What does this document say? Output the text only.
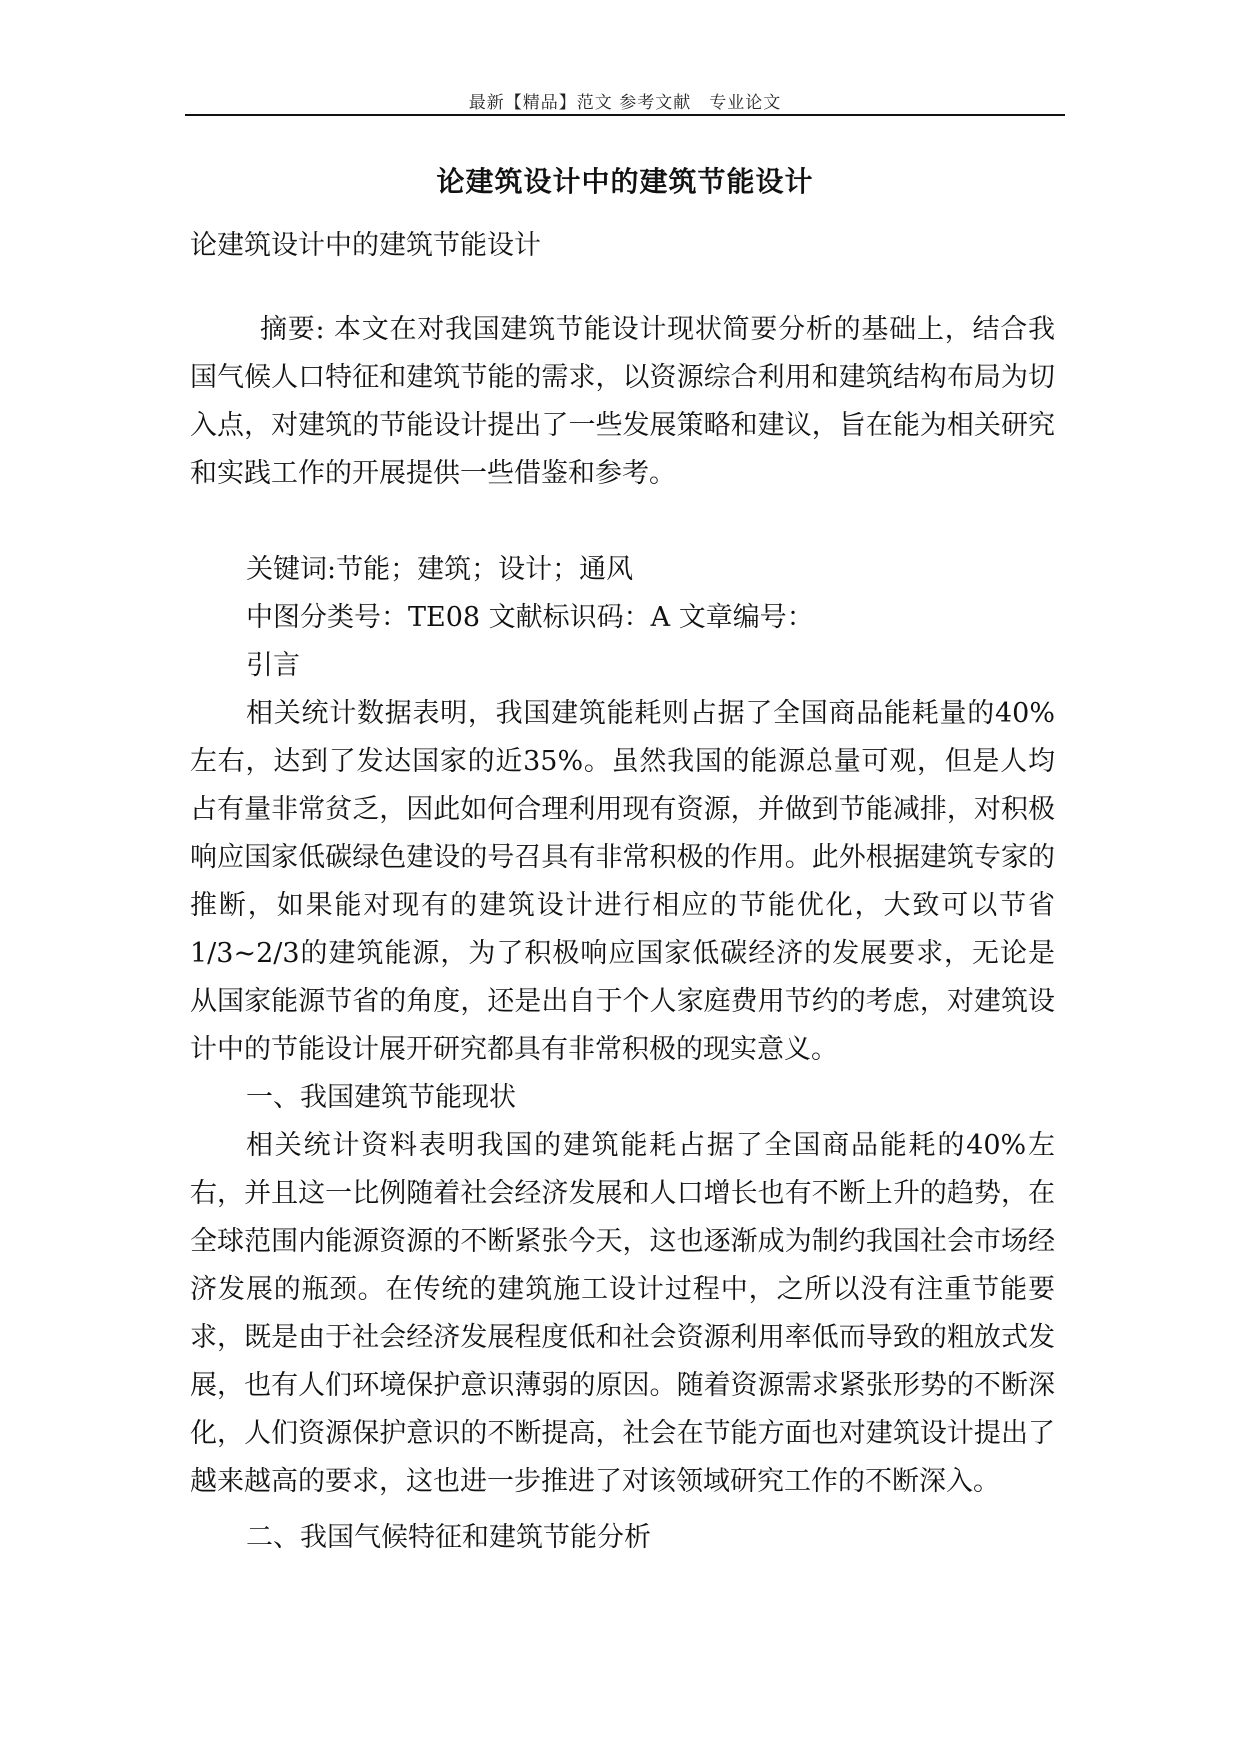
最新【精品】范文 参考文献　专业论文
论建筑设计中的建筑节能设计

论建筑设计中的建筑节能设计

摘要: 本文在对我国建筑节能设计现状简要分析的基础上，结合我国气候人口特征和建筑节能的需求，以资源综合利用和建筑结构布局为切入点，对建筑的节能设计提出了一些发展策略和建议，旨在能为相关研究和实践工作的开展提供一些借鉴和参考。

关键词:节能；建筑；设计；通风

中图分类号：TE08 文献标识码：A 文章编号：

引言

相关统计数据表明，我国建筑能耗则占据了全国商品能耗量的40%左右，达到了发达国家的近35%。虽然我国的能源总量可观，但是人均占有量非常贫乏，因此如何合理利用现有资源，并做到节能减排，对积极响应国家低碳绿色建设的号召具有非常积极的作用。此外根据建筑专家的推断，如果能对现有的建筑设计进行相应的节能优化，大致可以节省1/3~2/3的建筑能源，为了积极响应国家低碳经济的发展要求，无论是从国家能源节省的角度，还是出自于个人家庭费用节约的考虑，对建筑设计中的节能设计展开研究都具有非常积极的现实意义。

一、我国建筑节能现状

相关统计资料表明我国的建筑能耗占据了全国商品能耗的40%左右，并且这一比例随着社会经济发展和人口增长也有不断上升的趋势，在全球范围内能源资源的不断紧张今天，这也逐渐成为制约我国社会市场经济发展的瓶颈。在传统的建筑施工设计过程中，之所以没有注重节能要求，既是由于社会经济发展程度低和社会资源利用率低而导致的粗放式发展，也有人们环境保护意识薄弱的原因。随着资源需求紧张形势的不断深化，人们资源保护意识的不断提高，社会在节能方面也对建筑设计提出了越来越高的要求，这也进一步推进了对该领域研究工作的不断深入。

二、我国气候特征和建筑节能分析
